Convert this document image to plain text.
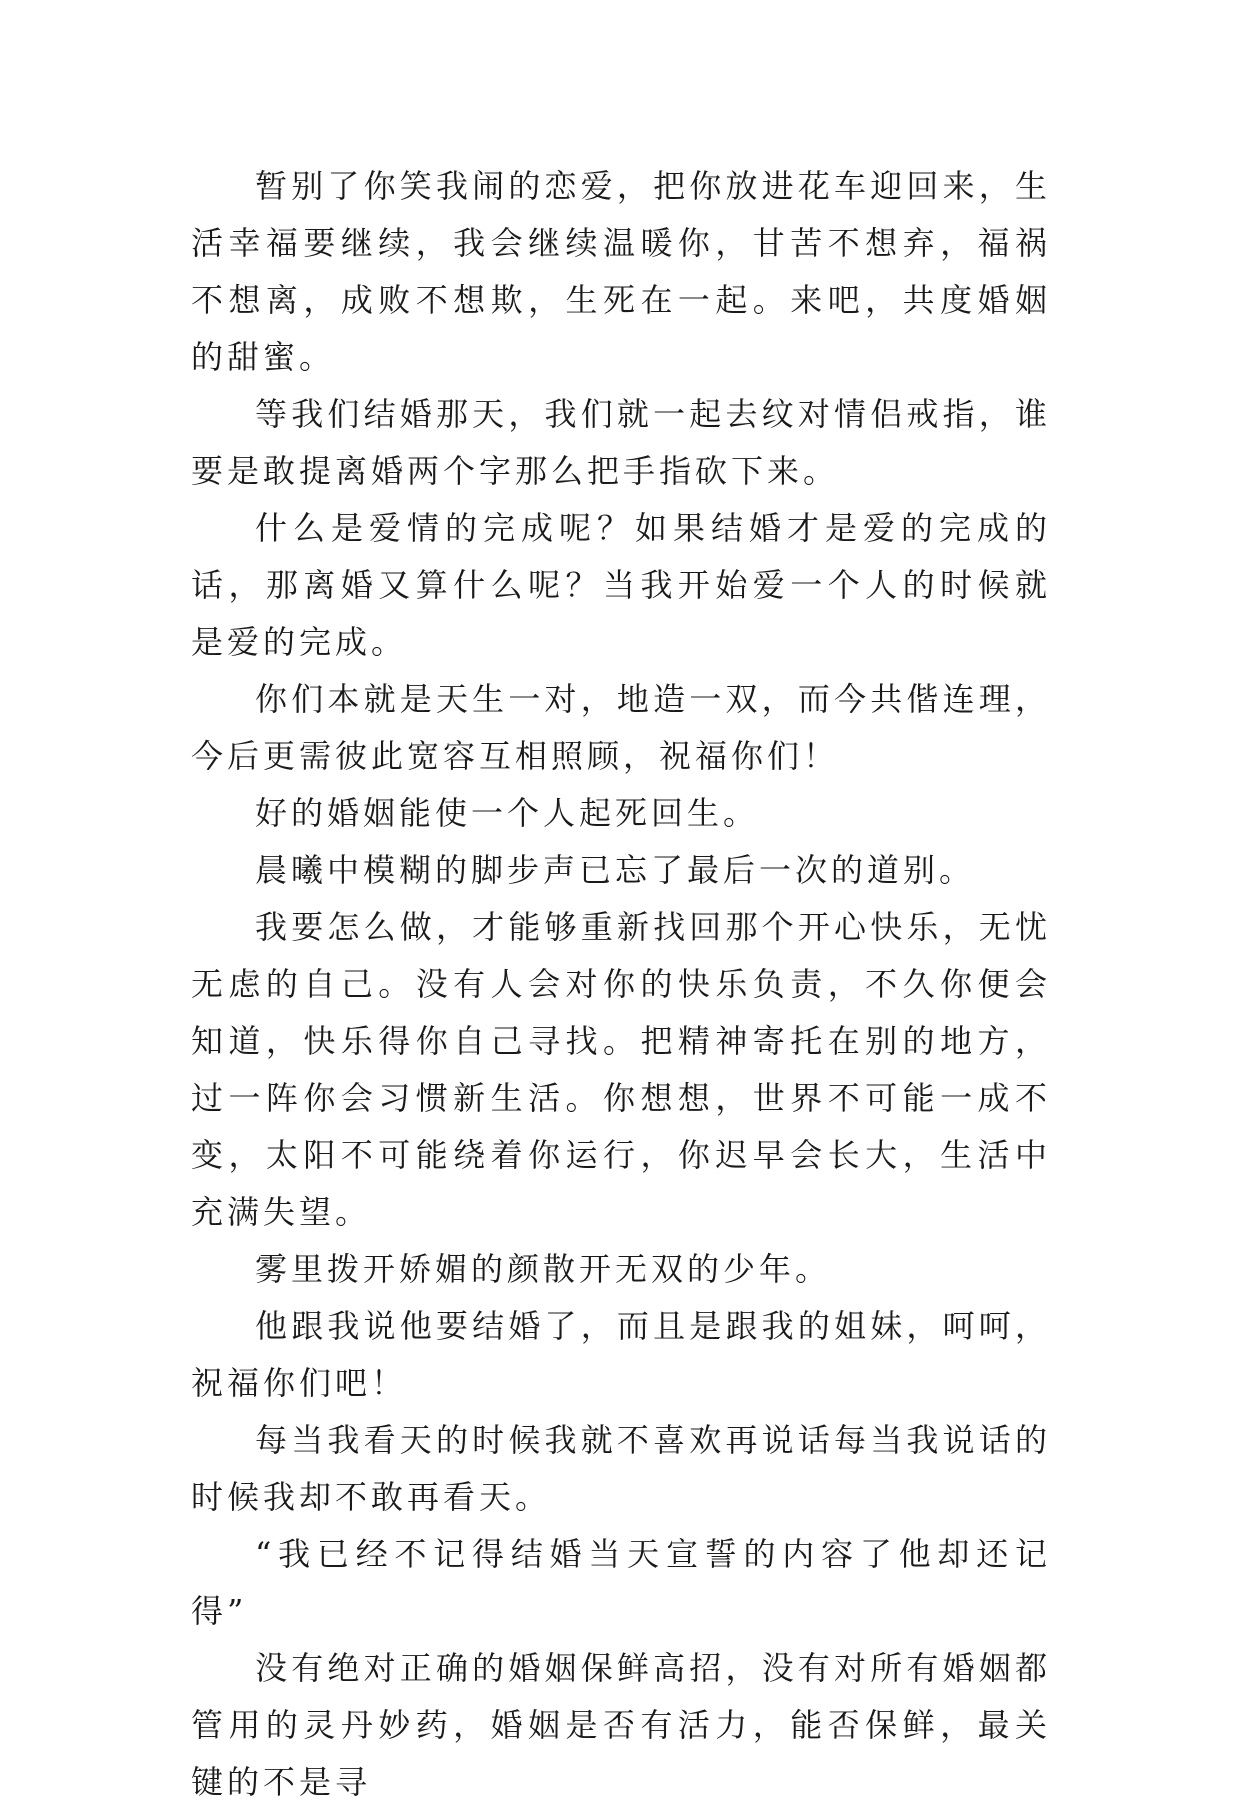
暂别了你笑我闹的恋爱，把你放进花车迎回来，生活幸福要继续，我会继续温暖你，甘苦不想弃，福祸不想离，成败不想欺，生死在一起。来吧，共度婚姻的甜蜜。

等我们结婚那天，我们就一起去纹对情侣戒指，谁要是敢提离婚两个字那么把手指砍下来。

什么是爱情的完成呢？如果结婚才是爱的完成的话，那离婚又算什么呢？当我开始爱一个人的时候就是爱的完成。

你们本就是天生一对，地造一双，而今共偕连理，今后更需彼此宽容互相照顾，祝福你们！

好的婚姻能使一个人起死回生。

晨曦中模糊的脚步声已忘了最后一次的道别。

我要怎么做，才能够重新找回那个开心快乐，无忧无虑的自己。没有人会对你的快乐负责，不久你便会知道，快乐得你自己寻找。把精神寄托在别的地方，过一阵你会习惯新生活。你想想，世界不可能一成不变，太阳不可能绕着你运行，你迟早会长大，生活中充满失望。

雾里拨开娇媚的颜散开无双的少年。

他跟我说他要结婚了，而且是跟我的姐妹，呵呵，祝福你们吧！

每当我看天的时候我就不喜欢再说话每当我说话的时候我却不敢再看天。

“我已经不记得结婚当天宣誓的内容了他却还记得”

没有绝对正确的婚姻保鲜高招，没有对所有婚姻都管用的灵丹妙药，婚姻是否有活力，能否保鲜，最关键的不是寻
